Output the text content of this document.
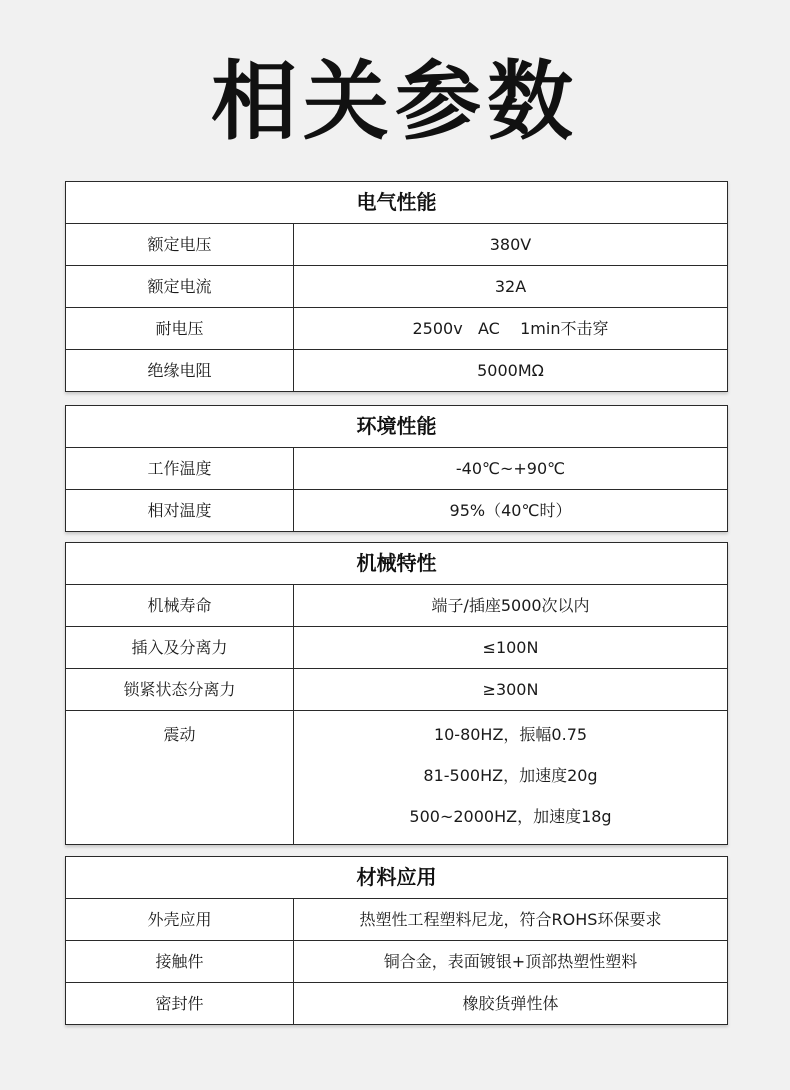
相关参数
电气性能
额定电压	380V
额定电流	32A
耐电压	2500v   AC    1min不击穿
绝缘电阻	5000MΩ
环境性能
工作温度	-40℃~+90℃
相对温度	95%（40℃时）
机械特性
机械寿命	端子/插座5000次以内
插入及分离力	≤100N
锁紧状态分离力	≥300N
震动	10-80HZ，振幅0.75
81-500HZ，加速度20g
500~2000HZ，加速度18g
材料应用
外壳应用	热塑性工程塑料尼龙，符合ROHS环保要求
接触件	铜合金，表面镀银+顶部热塑性塑料
密封件	橡胶货弹性体
